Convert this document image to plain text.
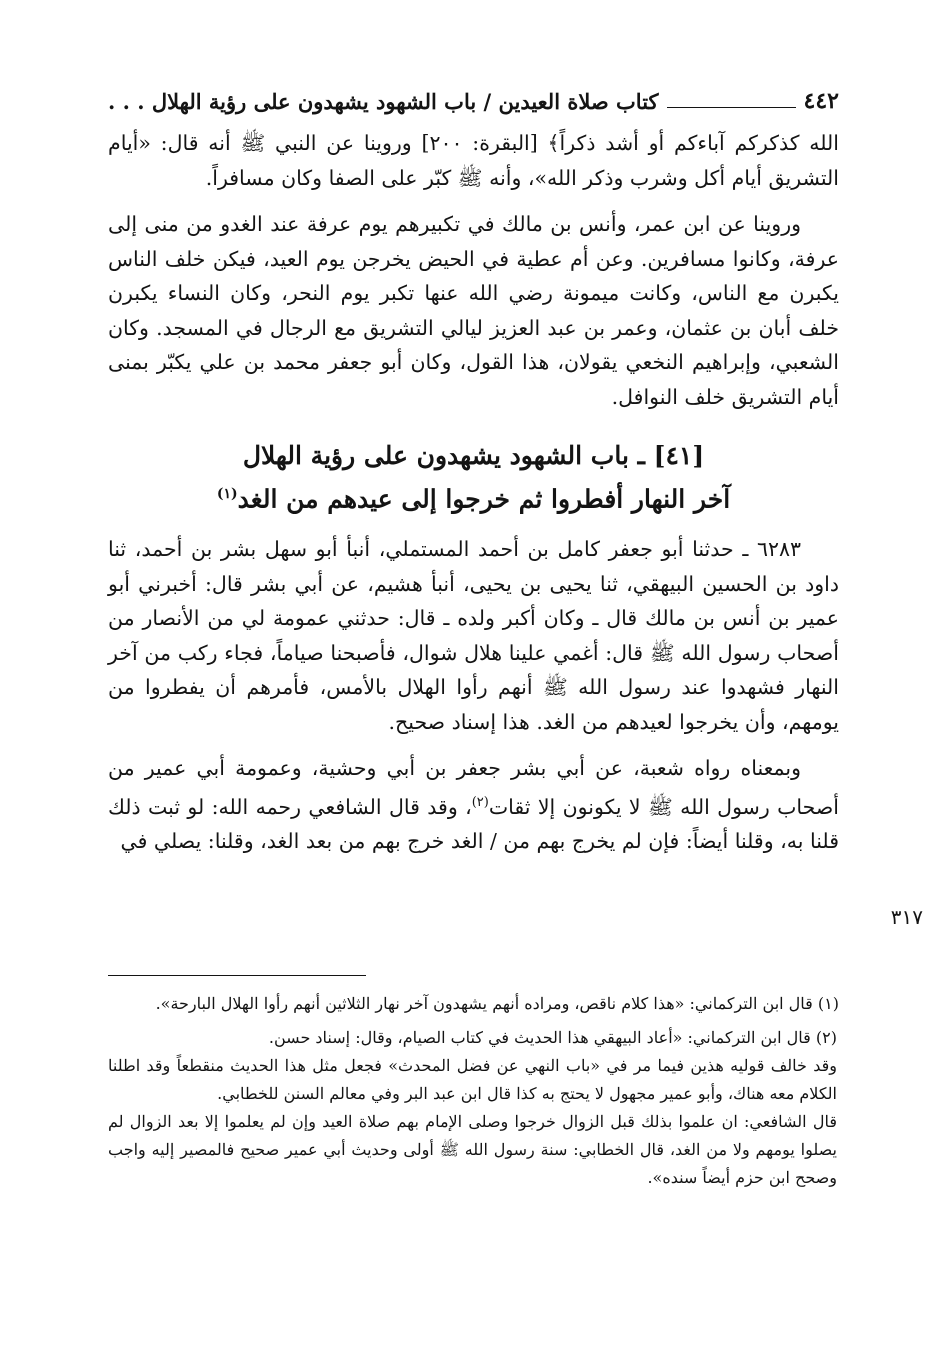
٤٤٢
كتاب صلاة العيدين / باب الشهود يشهدون على رؤية الهلال . . .

الله كذكركم آباءكم أو أشد ذكراً﴾ [البقرة: ٢٠٠] وروينا عن النبي ﷺ أنه قال: «أيام التشريق أيام أكل وشرب وذكر الله»، وأنه ﷺ كبّر على الصفا وكان مسافراً.

وروينا عن ابن عمر، وأنس بن مالك في تكبيرهم يوم عرفة عند الغدو من منى إلى عرفة، وكانوا مسافرين. وعن أم عطية في الحيض يخرجن يوم العيد، فيكن خلف الناس يكبرن مع الناس، وكانت ميمونة رضي الله عنها تكبر يوم النحر، وكان النساء يكبرن خلف أبان بن عثمان، وعمر بن عبد العزيز ليالي التشريق مع الرجال في المسجد. وكان الشعبي، وإبراهيم النخعي يقولان، هذا القول، وكان أبو جعفر محمد بن علي يكبّر بمنى أيام التشريق خلف النوافل.

[٤١] ـ باب الشهود يشهدون على رؤية الهلال
آخر النهار أفطروا ثم خرجوا إلى عيدهم من الغد$^{(١)}$

٦٢٨٣ ـ حدثنا أبو جعفر كامل بن أحمد المستملي، أنبأ أبو سهل بشر بن أحمد، ثنا داود بن الحسين البيهقي، ثنا يحيى بن يحيى، أنبأ هشيم، عن أبي بشر قال: أخبرني أبو عمير بن أنس بن مالك قال ـ وكان أكبر ولده ـ قال: حدثني عمومة لي من الأنصار من أصحاب رسول الله ﷺ قال: أغمي علينا هلال شوال، فأصبحنا صياماً، فجاء ركب من آخر النهار فشهدوا عند رسول الله ﷺ أنهم رأوا الهلال بالأمس، فأمرهم أن يفطروا من يومهم، وأن يخرجوا لعيدهم من الغد. هذا إسناد صحيح.

وبمعناه رواه شعبة، عن أبي بشر جعفر بن أبي وحشية، وعمومة أبي عمير من أصحاب رسول الله ﷺ لا يكونون إلا ثقات$^{(٢)}$، وقد قال الشافعي رحمه الله: لو ثبت ذلك قلنا به، وقلنا أيضاً: فإن لم يخرج بهم من / الغد خرج بهم من بعد الغد، وقلنا: يصلي في

٣١٧

(١) قال ابن التركماني: «هذا كلام ناقص، ومراده أنهم يشهدون آخر نهار الثلاثين أنهم رأوا الهلال البارحة».

(٢) قال ابن التركماني: «أعاد البيهقي هذا الحديث في كتاب الصيام، وقال: إسناد حسن.
وقد خالف قوليه هذين فيما مر في «باب النهي عن فضل المحدث» فجعل مثل هذا الحديث منقطعاً وقد اطلنا الكلام معه هناك، وأبو عمير مجهول لا يحتج به كذا قال ابن عبد البر وفي معالم السنن للخطابي.
قال الشافعي: ان علموا بذلك قبل الزوال خرجوا وصلى الإمام بهم صلاة العيد وإن لم يعلموا إلا بعد الزوال لم يصلوا يومهم ولا من الغد، قال الخطابي: سنة رسول الله ﷺ أولى وحديث أبي عمير صحيح فالمصير إليه واجب وصحح ابن حزم أيضاً سنده».
